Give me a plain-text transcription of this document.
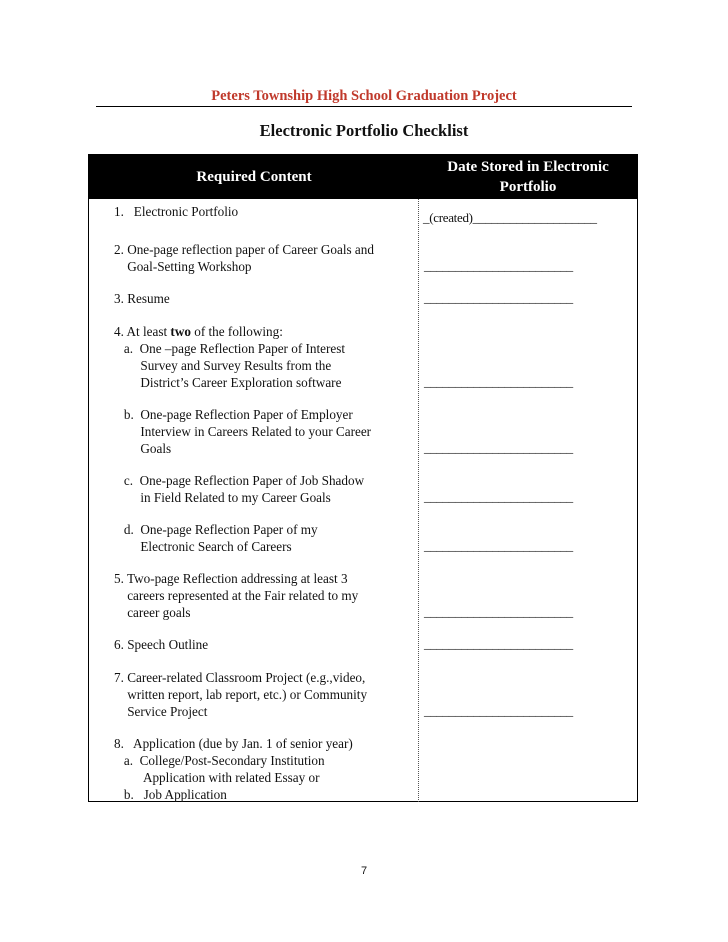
Peters Township High School Graduation Project
Electronic Portfolio Checklist
Required Content
Date Stored in Electronic
Portfolio
1.   Electronic Portfolio
2. One-page reflection paper of Career Goals and
Goal-Setting Workshop
3. Resume
4. At least two of the following:
a.  One –page Reflection Paper of Interest
Survey and Survey Results from the
District’s Career Exploration software
b.  One-page Reflection Paper of Employer
Interview in Careers Related to your Career
Goals
c.  One-page Reflection Paper of Job Shadow
in Field Related to my Career Goals
d.  One-page Reflection Paper of my
Electronic Search of Careers
5. Two-page Reflection addressing at least 3
careers represented at the Fair related to my
career goals
6. Speech Outline
7. Career-related Classroom Project (e.g.,video,
written report, lab report, etc.) or Community
Service Project
8.   Application (due by Jan. 1 of senior year)
a.  College/Post-Secondary Institution
Application with related Essay or
b.   Job Application
_(created)____________________
________________________
________________________
________________________
________________________
________________________
________________________
________________________
________________________
________________________
7
